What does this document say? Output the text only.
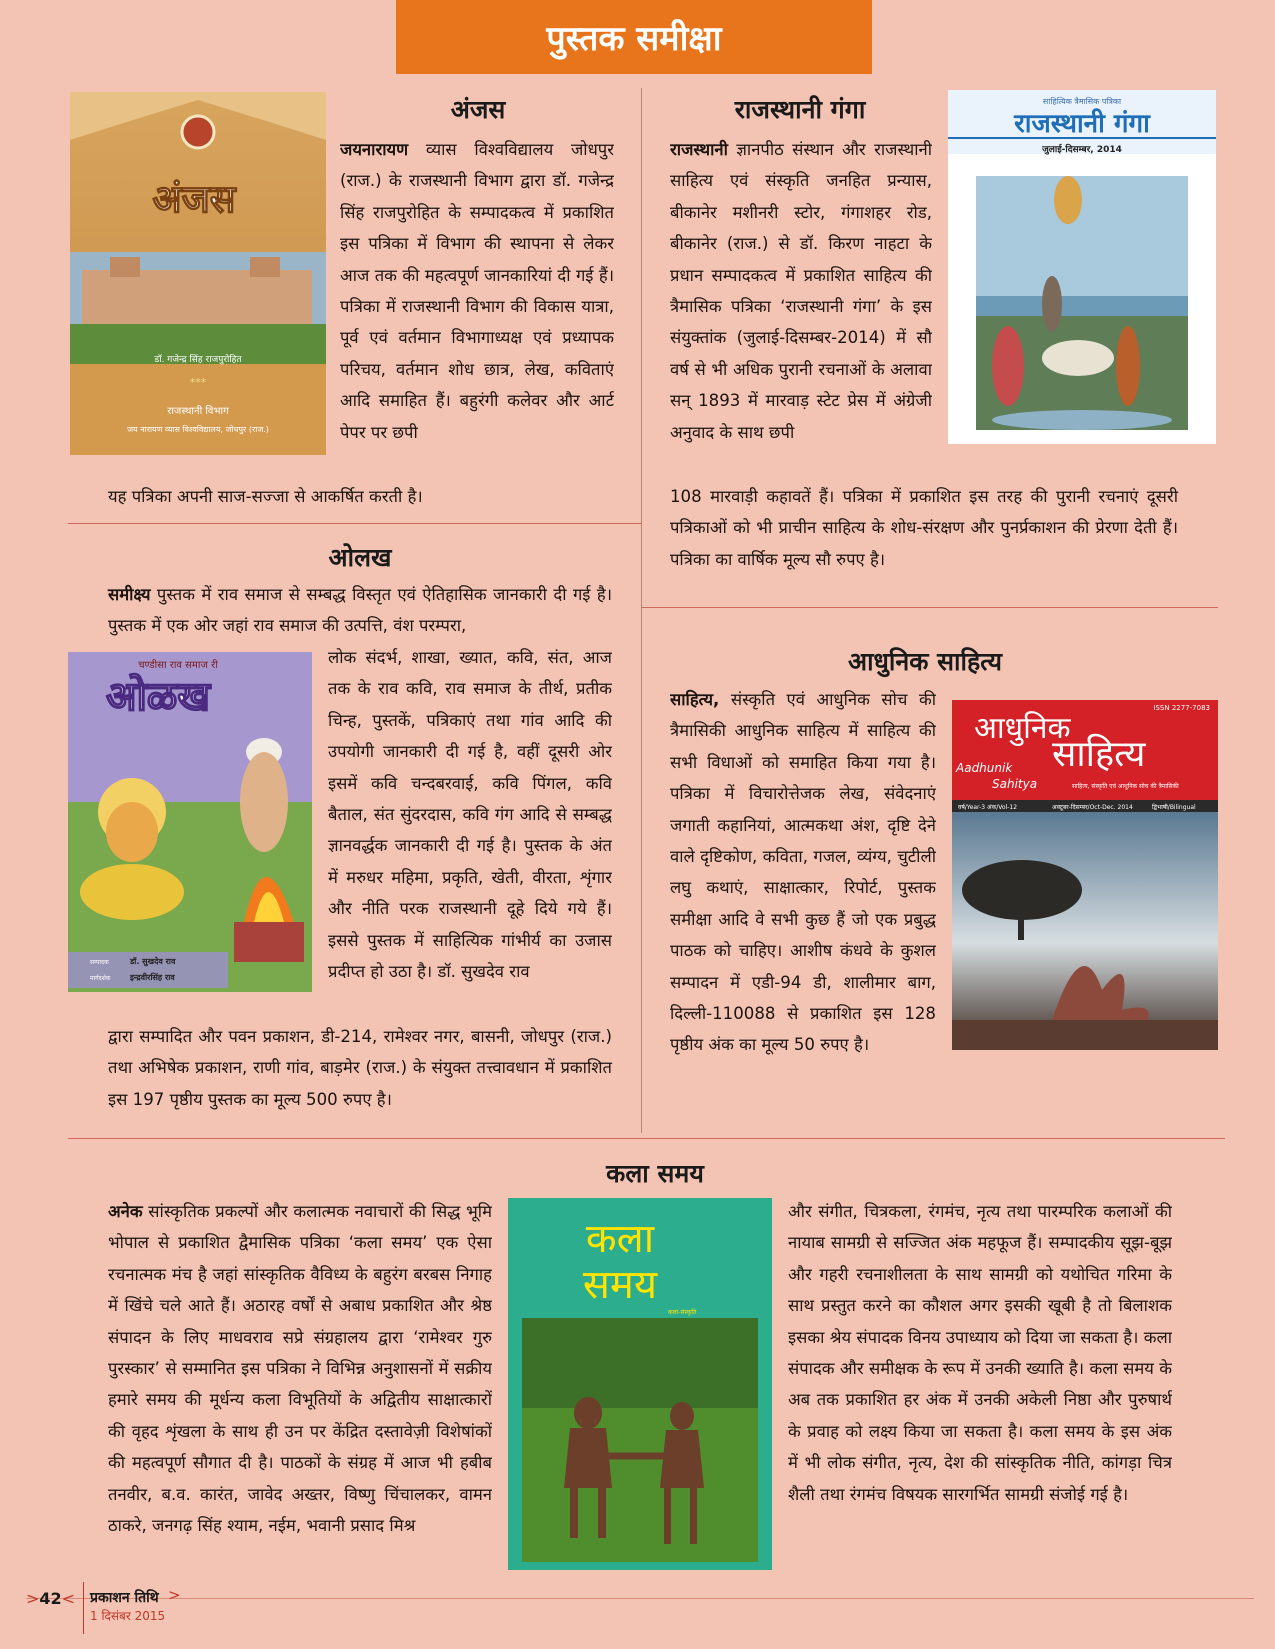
पुस्तक समीक्षा
डॉ. गजेन्द्र सिंह राजपुरोहित
***
राजस्थानी विभाग
जय नारायण व्यास विश्वविद्यालय, जोधपुर (राज.)
अंजस
अंजस
जयनारायण व्यास विश्वविद्यालय जोधपुर (राज.) के राजस्थानी विभाग द्वारा डॉ. गजेन्द्र सिंह राजपुरोहित के सम्पादकत्व में प्रकाशित इस पत्रिका में विभाग की स्थापना से लेकर आज तक की महत्वपूर्ण जानकारियां दी गई हैं। पत्रिका में राजस्थानी विभाग की विकास यात्रा, पूर्व एवं वर्तमान विभागाध्यक्ष एवं प्रध्यापक परिचय, वर्तमान शोध छात्र, लेख, कविताएं आदि समाहित हैं। बहुरंगी कलेवर और आर्ट पेपर पर छपी
यह पत्रिका अपनी साज-सज्जा से आकर्षित करती है।
राजस्थानी गंगा
राजस्थानी ज्ञानपीठ संस्थान और राजस्थानी साहित्य एवं संस्कृति जनहित प्रन्यास, बीकानेर मशीनरी स्टोर, गंगाशहर रोड, बीकानेर (राज.) से डॉ. किरण नाहटा के प्रधान सम्पादकत्व में प्रकाशित साहित्य की त्रैमासिक पत्रिका ‘राजस्थानी गंगा’ के इस संयुक्तांक (जुलाई-दिसम्बर-2014) में सौ वर्ष से भी अधिक पुरानी रचनाओं के अलावा सन् 1893 में मारवाड़ स्टेट प्रेस में अंग्रेजी अनुवाद के साथ छपी
108 मारवाड़ी कहावतें हैं। पत्रिका में प्रकाशित इस तरह की पुरानी रचनाएं दूसरी पत्रिकाओं को भी प्राचीन साहित्य के शोध-संरक्षण और पुनर्प्रकाशन की प्रेरणा देती हैं। पत्रिका का वार्षिक मूल्य सौ रुपए है।
साहित्यिक त्रैमासिक पत्रिका
राजस्थानी गंगा
जुलाई-दिसम्बर, 2014
ओलख
समीक्ष्य पुस्तक में राव समाज से सम्बद्ध विस्तृत एवं ऐतिहासिक जानकारी दी गई है। पुस्तक में एक ओर जहां राव समाज की उत्पत्ति, वंश परम्परा,
चण्डीसा राव समाज री
ओळख
सम्पादक	डॉ. सुखदेव राव
मार्गदर्शक इन्द्रवीरसिंह राव
लोक संदर्भ, शाखा, ख्यात, कवि, संत, आज तक के राव कवि, राव समाज के तीर्थ, प्रतीक चिन्ह, पुस्तकें, पत्रिकाएं तथा गांव आदि की उपयोगी जानकारी दी गई है, वहीं दूसरी ओर इसमें कवि चन्दबरवाई, कवि पिंगल, कवि बैताल, संत सुंदरदास, कवि गंग आदि से सम्बद्ध ज्ञानवर्द्धक जानकारी दी गई है। पुस्तक के अंत में मरुधर महिमा, प्रकृति, खेती, वीरता, शृंगार और नीति परक राजस्थानी दूहे दिये गये हैं। इससे पुस्तक में साहित्यिक गांभीर्य का उजास प्रदीप्त हो उठा है। डॉ. सुखदेव राव
द्वारा सम्पादित और पवन प्रकाशन, डी-214, रामेश्वर नगर, बासनी, जोधपुर (राज.) तथा अभिषेक प्रकाशन, राणी गांव, बाड़मेर (राज.) के संयुक्त तत्त्वावधान में प्रकाशित इस 197 पृष्ठीय पुस्तक का मूल्य 500 रुपए है।
आधुनिक साहित्य
साहित्य, संस्कृति एवं आधुनिक सोच की त्रैमासिकी आधुनिक साहित्य में साहित्य की सभी विधाओं को समाहित किया गया है। पत्रिका में विचारोत्तेजक लेख, संवेदनाएं जगाती कहानियां, आत्मकथा अंश, दृष्टि देने वाले दृष्टिकोण, कविता, गजल, व्यंग्य, चुटीली लघु कथाएं, साक्षात्कार, रिपोर्ट, पुस्तक समीक्षा आदि वे सभी कुछ हैं जो एक प्रबुद्ध पाठक को चाहिए। आशीष कंधवे के कुशल सम्पादन में एडी-94 डी, शालीमार बाग, दिल्ली-110088 से प्रकाशित इस 128 पृष्ठीय अंक का मूल्य 50 रुपए है।
ISSN 2277-7083
आधुनिक
साहित्य
Aadhunik
Sahitya	साहित्य, संस्कृति एवं आधुनिक सोच की त्रैमासिकी
वर्ष/Year-3 अंक/Vol-12	अक्टूबर-दिसम्बर/Oct-Dec. 2014	द्विभाषी/Bilingual
कला समय
अनेक सांस्कृतिक प्रकल्पों और कलात्मक नवाचारों की सिद्ध भूमि भोपाल से प्रकाशित द्वैमासिक पत्रिका ‘कला समय’ एक ऐसा रचनात्मक मंच है जहां सांस्कृतिक वैविध्य के बहुरंग बरबस निगाह में खिंचे चले आते हैं। अठारह वर्षों से अबाध प्रकाशित और श्रेष्ठ संपादन के लिए माधवराव सप्रे संग्रहालय द्वारा ‘रामेश्वर गुरु पुरस्कार’ से सम्मानित इस पत्रिका ने विभिन्न अनुशासनों में सक्रीय हमारे समय की मूर्धन्य कला विभूतियों के अद्वितीय साक्षात्कारों की वृहद शृंखला के साथ ही उन पर केंद्रित दस्तावेज़ी विशेषांकों की महत्वपूर्ण सौगात दी है। पाठकों के संग्रह में आज भी हबीब तनवीर, ब.व. कारंत, जावेद अख्तर, विष्णु चिंचालकर, वामन ठाकरे, जनगढ़ सिंह श्याम, नईम, भवानी प्रसाद मिश्र
कला
समय
कला-संस्कृति
और संगीत, चित्रकला, रंगमंच, नृत्य तथा पारम्परिक कलाओं की नायाब सामग्री से सज्जित अंक महफूज हैं। सम्पादकीय सूझ-बूझ और गहरी रचनाशीलता के साथ सामग्री को यथोचित गरिमा के साथ प्रस्तुत करने का कौशल अगर इसकी खूबी है तो बिलाशक इसका श्रेय संपादक विनय उपाध्याय को दिया जा सकता है। कला संपादक और समीक्षक के रूप में उनकी ख्याति है। कला समय के अब तक प्रकाशित हर अंक में उनकी अकेली निष्ठा और पुरुषार्थ के प्रवाह को लक्ष्य किया जा सकता है। कला समय के इस अंक में भी लोक संगीत, नृत्य, देश की सांस्कृतिक नीति, कांगड़ा चित्र शैली तथा रंगमंच विषयक सारगर्भित सामग्री संजोई गई है।
>42< प्रकाशन तिथि
1 दिसंबर 2015
>
